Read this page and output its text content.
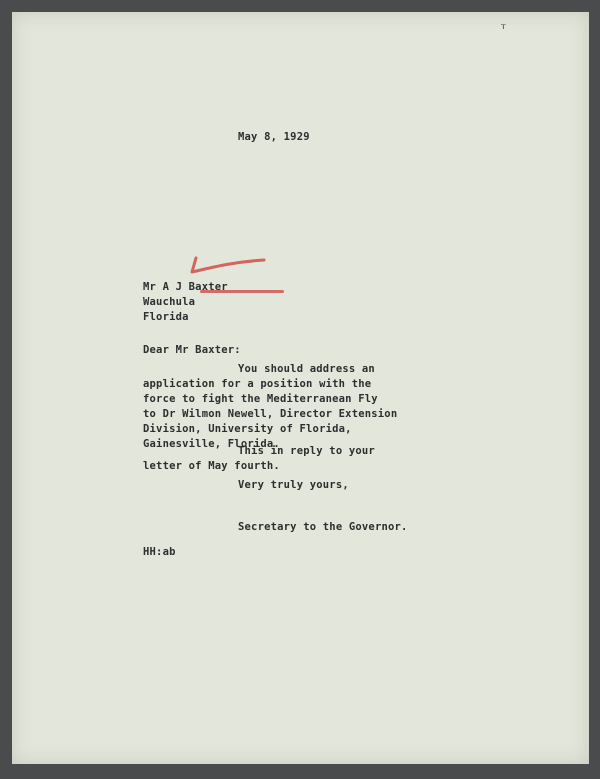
ᵀ
May 8, 1929
Mr A J Baxter
Wauchula
Florida
Dear Mr Baxter:
You should address an
application for a position with the
force to fight the Mediterranean Fly
to Dr Wilmon Newell, Director Extension
Division, University of Florida,
Gainesville, Florida.
This in reply to your
letter of May fourth.
Very truly yours,
Secretary to the Governor.
HH:ab
